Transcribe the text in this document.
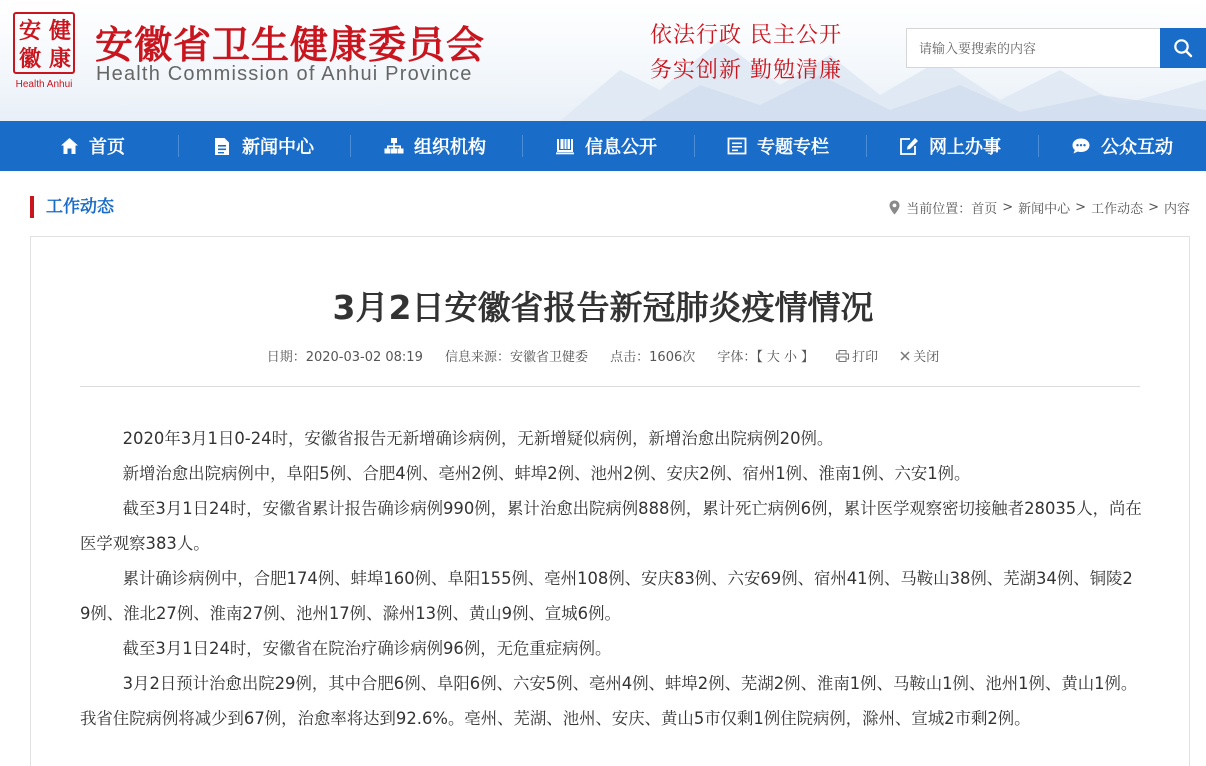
安 健
徽 康
Health Anhui
安徽省卫生健康委员会
Health Commission of Anhui Province
依法行政 民主公开
务实创新 勤勉清廉
请输入要搜索的内容
首页	新闻中心	组织机构	信息公开	专题专栏	网上办事	公众互动
工作动态	当前位置： 首页 > 新闻中心 > 工作动态 > 内容
3月2日安徽省报告新冠肺炎疫情情况
日期：2020-03-02 08:19 信息来源：安徽省卫健委 点击：1606次 字体：【 大 小 】	打印	关闭

2020年3月1日0-24时，安徽省报告无新增确诊病例，无新增疑似病例，新增治愈出院病例20例。

新增治愈出院病例中，阜阳5例、合肥4例、亳州2例、蚌埠2例、池州2例、安庆2例、宿州1例、淮南1例、六安1例。

截至3月1日24时，安徽省累计报告确诊病例990例，累计治愈出院病例888例，累计死亡病例6例，累计医学观察密切接触者28035人，尚在医学观察383人。

累计确诊病例中，合肥174例、蚌埠160例、阜阳155例、亳州108例、安庆83例、六安69例、宿州41例、马鞍山38例、芜湖34例、铜陵29例、淮北27例、淮南27例、池州17例、滁州13例、黄山9例、宣城6例。

截至3月1日24时，安徽省在院治疗确诊病例96例，无危重症病例。

3月2日预计治愈出院29例，其中合肥6例、阜阳6例、六安5例、亳州4例、蚌埠2例、芜湖2例、淮南1例、马鞍山1例、池州1例、黄山1例。我省住院病例将减少到67例，治愈率将达到92.6%。亳州、芜湖、池州、安庆、黄山5市仅剩1例住院病例，滁州、宣城2市剩2例。
